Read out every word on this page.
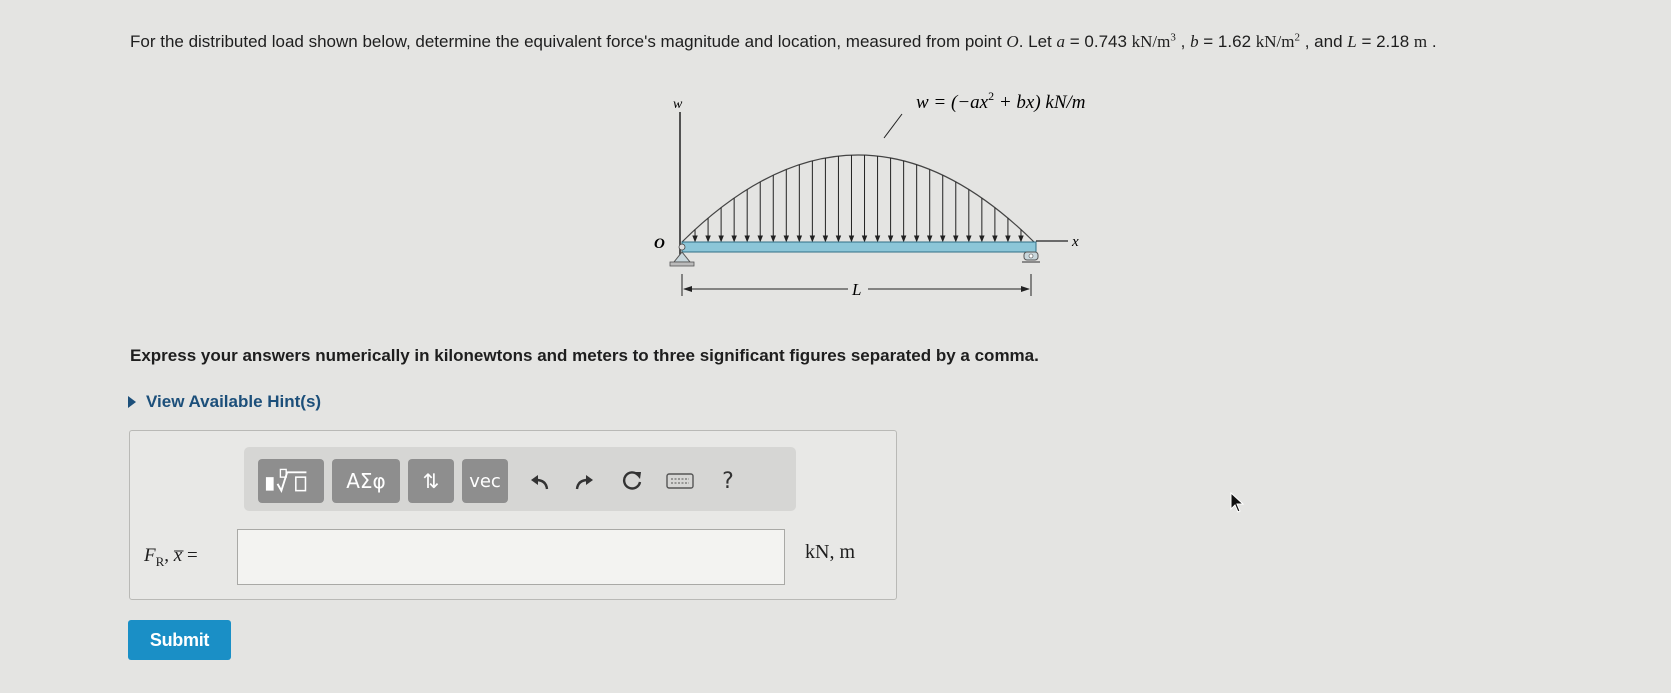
For the distributed load shown below, determine the equivalent force's magnitude and location, measured from point O. Let a = 0.743 $kN/m^3$ , b = 1.62 $kN/m^2$ , and L = 2.18 m .
w	$w = (-ax^2 + bx)$ kN/m
x
O
L
Express your answers numerically in kilonewtons and meters to three significant figures separated by a comma.
View Available Hint(s)
ΑΣφ	⇅	vec	?
$F_R$, x̅ =	kN, m
Submit
